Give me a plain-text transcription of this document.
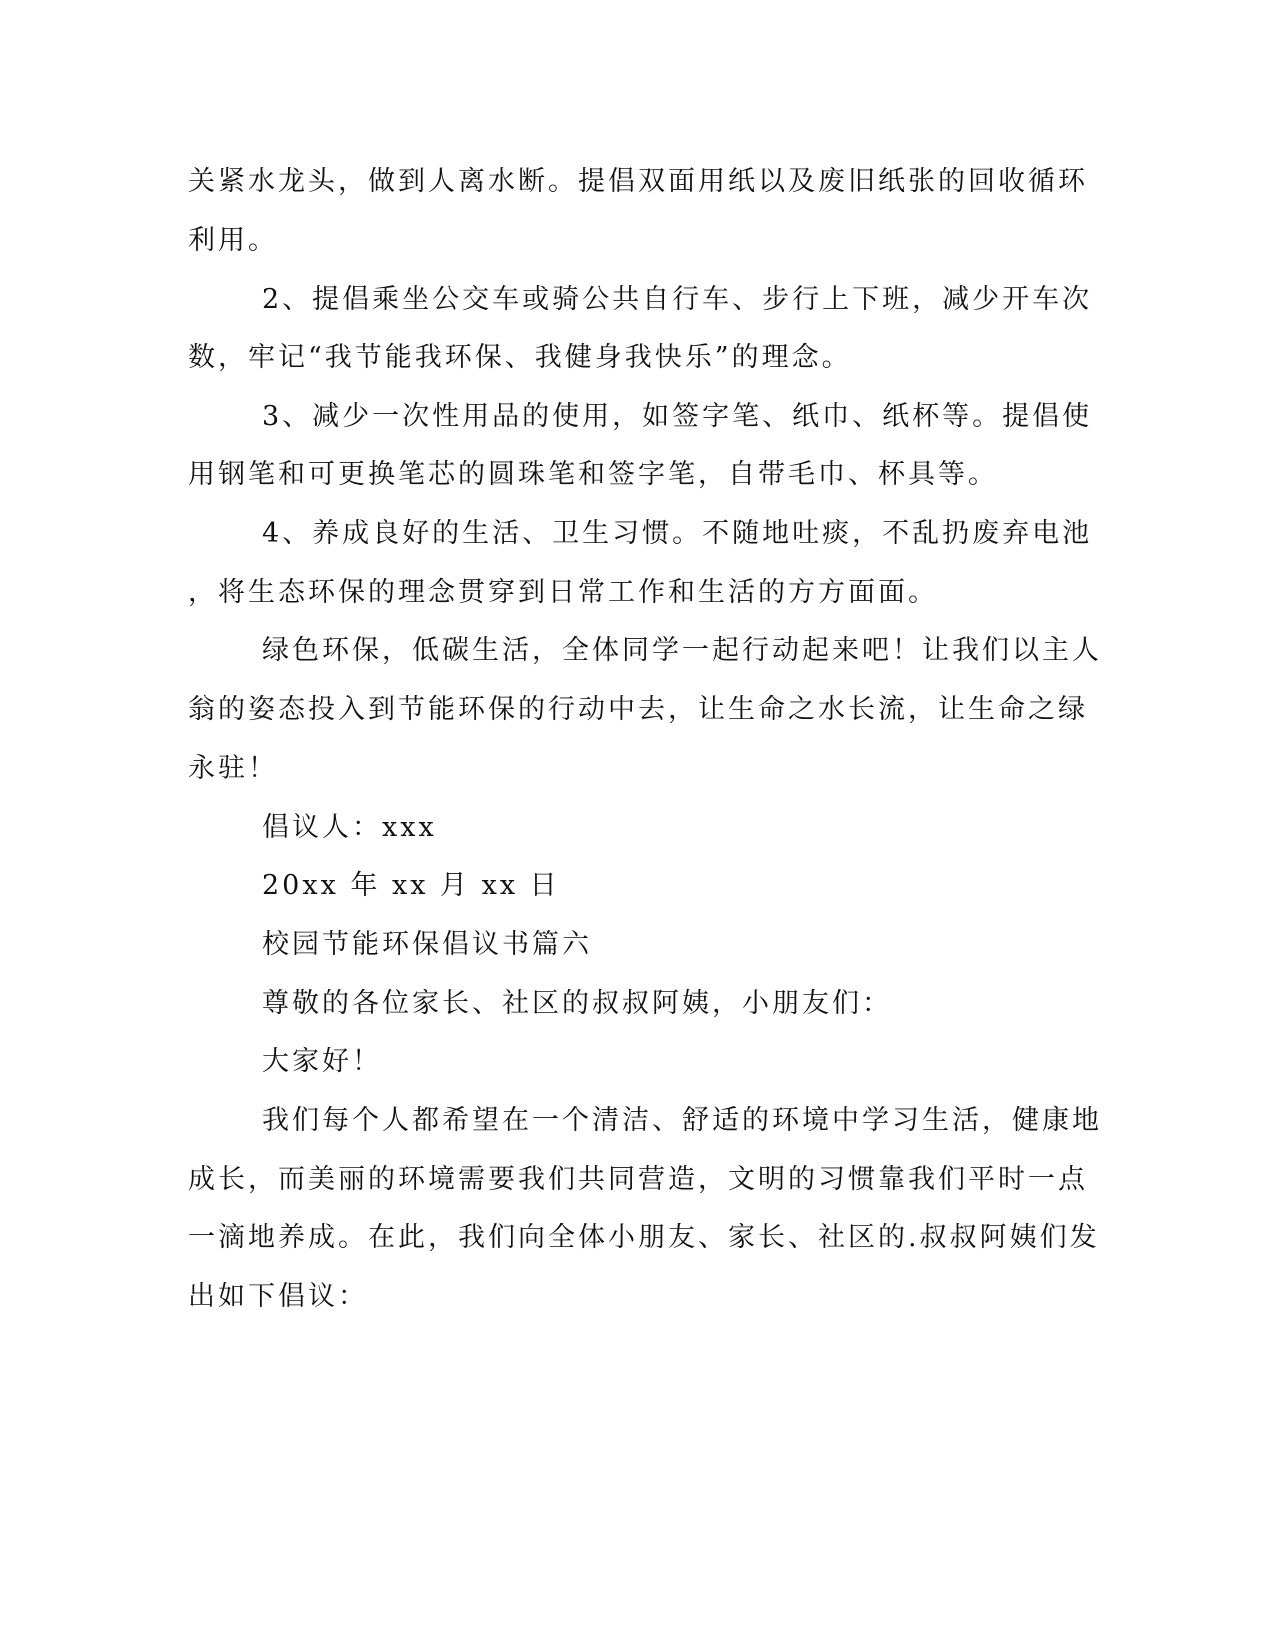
关紧水龙头，做到人离水断。提倡双面用纸以及废旧纸张的回收循环
利用。
2、提倡乘坐公交车或骑公共自行车、步行上下班，减少开车次
数，牢记“我节能我环保、我健身我快乐”的理念。
3、减少一次性用品的使用，如签字笔、纸巾、纸杯等。提倡使
用钢笔和可更换笔芯的圆珠笔和签字笔，自带毛巾、杯具等。
4、养成良好的生活、卫生习惯。不随地吐痰，不乱扔废弃电池
，将生态环保的理念贯穿到日常工作和生活的方方面面。
绿色环保，低碳生活，全体同学一起行动起来吧！让我们以主人
翁的姿态投入到节能环保的行动中去，让生命之水长流，让生命之绿
永驻！
倡议人：xxx
20xx 年 xx 月 xx 日
校园节能环保倡议书篇六
尊敬的各位家长、社区的叔叔阿姨，小朋友们：
大家好！
我们每个人都希望在一个清洁、舒适的环境中学习生活，健康地
成长，而美丽的环境需要我们共同营造，文明的习惯靠我们平时一点
一滴地养成。在此，我们向全体小朋友、家长、社区的.叔叔阿姨们发
出如下倡议：
